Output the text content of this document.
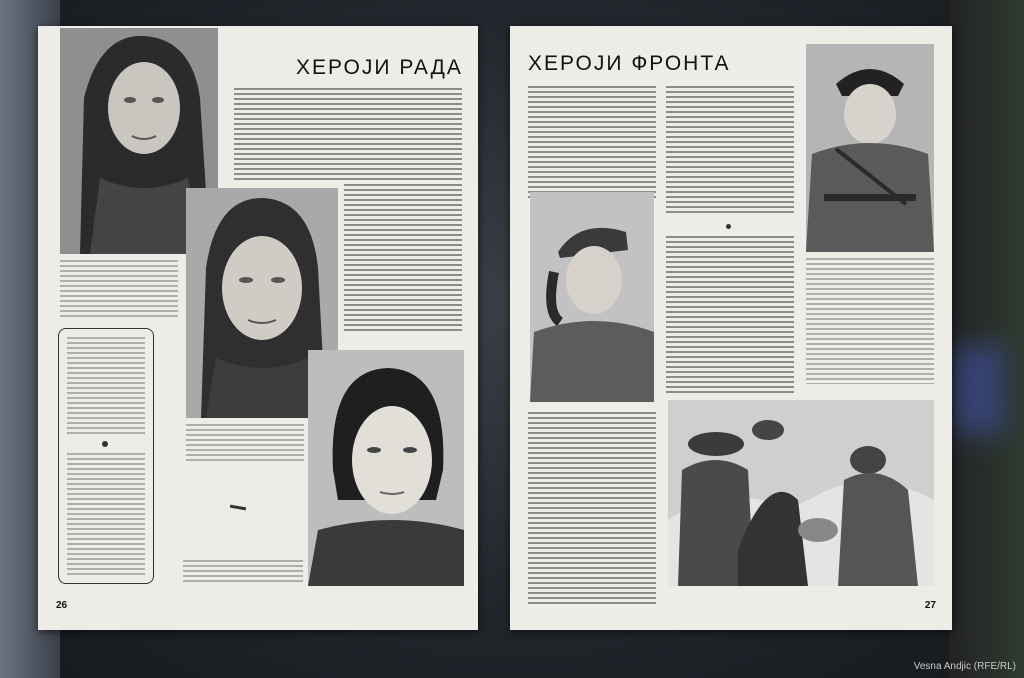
ХЕРОЈИ РАДА
26
ХЕРОЈИ ФРОНТА
27
Vesna Andjic (RFE/RL)
